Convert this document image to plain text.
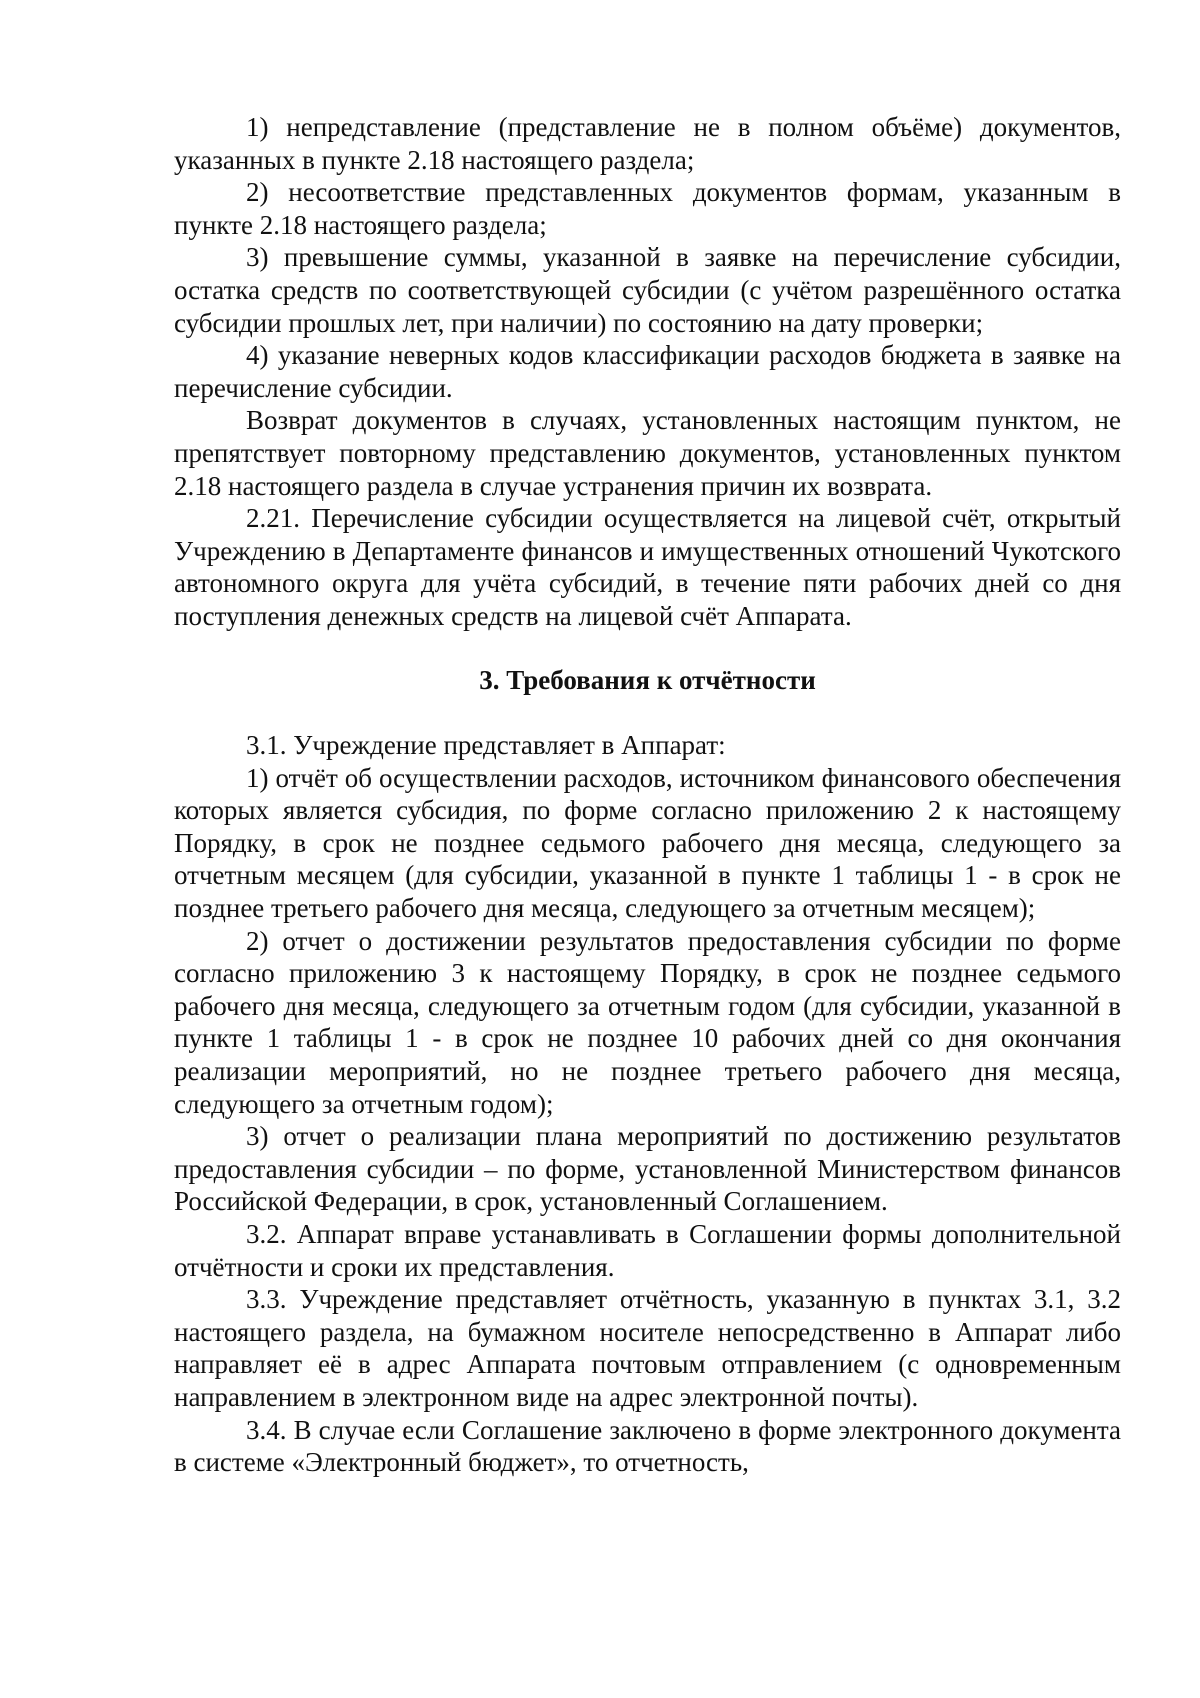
1) непредставление (представление не в полном объёме) документов, указанных в пункте 2.18 настоящего раздела;

2) несоответствие представленных документов формам, указанным в пункте 2.18 настоящего раздела;

3) превышение суммы, указанной в заявке на перечисление субсидии, остатка средств по соответствующей субсидии (с учётом разрешённого остатка субсидии прошлых лет, при наличии) по состоянию на дату проверки;

4) указание неверных кодов классификации расходов бюджета в заявке на перечисление субсидии.

Возврат документов в случаях, установленных настоящим пунктом, не препятствует повторному представлению документов, установленных пунктом 2.18 настоящего раздела в случае устранения причин их возврата.

2.21. Перечисление субсидии осуществляется на лицевой счёт, открытый Учреждению в Департаменте финансов и имущественных отношений Чукотского автономного округа для учёта субсидий, в течение пяти рабочих дней со дня поступления денежных средств на лицевой счёт Аппарата.

3. Требования к отчётности

3.1. Учреждение представляет в Аппарат:

1) отчёт об осуществлении расходов, источником финансового обеспечения которых является субсидия, по форме согласно приложению 2 к настоящему Порядку, в срок не позднее седьмого рабочего дня месяца, следующего за отчетным месяцем (для субсидии, указанной в пункте 1 таблицы 1 - в срок не позднее третьего рабочего дня месяца, следующего за отчетным месяцем);

2) отчет о достижении результатов предоставления субсидии по форме согласно приложению 3 к настоящему Порядку, в срок не позднее седьмого рабочего дня месяца, следующего за отчетным годом (для субсидии, указанной в пункте 1 таблицы 1 - в срок не позднее 10 рабочих дней со дня окончания реализации мероприятий, но не позднее третьего рабочего дня месяца, следующего за отчетным годом);

3) отчет о реализации плана мероприятий по достижению результатов предоставления субсидии – по форме, установленной Министерством финансов Российской Федерации, в срок, установленный Соглашением.

3.2. Аппарат вправе устанавливать в Соглашении формы дополнительной отчётности и сроки их представления.

3.3. Учреждение представляет отчётность, указанную в пунктах 3.1, 3.2 настоящего раздела, на бумажном носителе непосредственно в Аппарат либо направляет её в адрес Аппарата почтовым отправлением (с одновременным направлением в электронном виде на адрес электронной почты).

3.4. В случае если Соглашение заключено в форме электронного документа в системе «Электронный бюджет», то отчетность,
